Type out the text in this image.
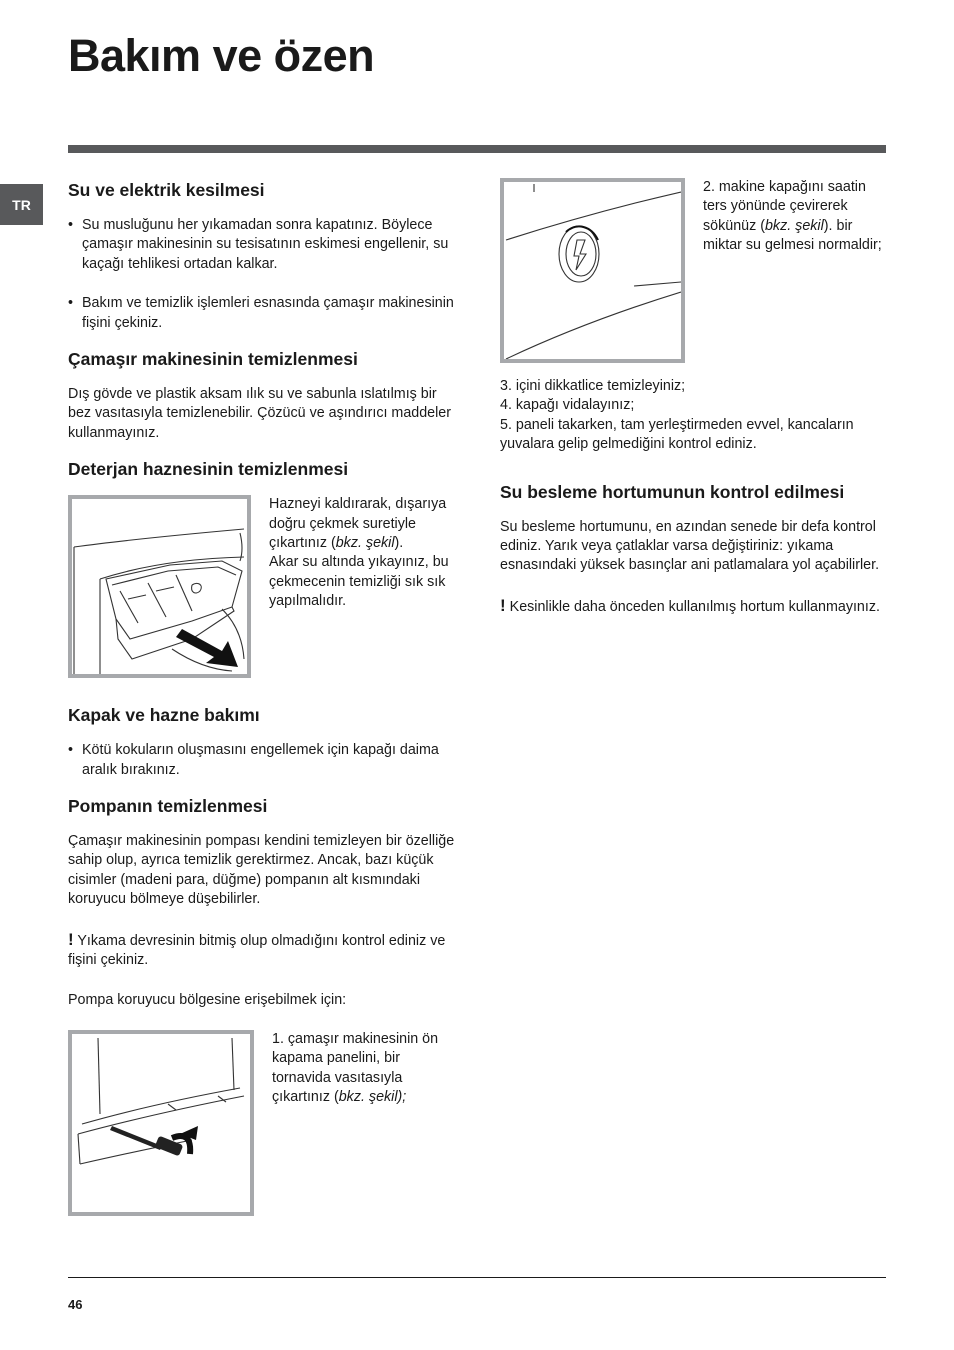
Bakım ve özen
TR
Su ve elektrik kesilmesi
• Su musluğunu her yıkamadan sonra kapatınız. Böylece çamaşır makinesinin su tesisatının eskimesi engellenir, su kaçağı tehlikesi ortadan kalkar.
• Bakım ve temizlik işlemleri esnasında çamaşır makinesinin fişini çekiniz.
Çamaşır makinesinin temizlenmesi

Dış gövde ve plastik aksam ılık su ve sabunla ıslatılmış bir bez vasıtasıyla temizlenebilir. Çözücü ve aşındırıcı maddeler kullanmayınız.

Deterjan haznesinin temizlenmesi
Hazneyi kaldırarak, dışarıya doğru çekmek suretiyle çıkartınız (bkz. şekil).
Akar su altında yıkayınız, bu çekmecenin temizliği sık sık yapılmalıdır.
Kapak ve hazne bakımı
• Kötü kokuların oluşmasını engellemek için kapağı daima aralık bırakınız.
Pompanın temizlenmesi

Çamaşır makinesinin pompası kendini temizleyen bir özelliğe sahip olup, ayrıca temizlik gerektirmez. Ancak, bazı küçük cisimler (madeni para, düğme) pompanın alt kısmındaki koruyucu bölmeye düşebilirler.

! Yıkama devresinin bitmiş olup olmadığını kontrol ediniz ve fişini çekiniz.

Pompa koruyucu bölgesine erişebilmek için:

1. çamaşır makinesinin ön kapama panelini, bir tornavida vasıtasıyla çıkartınız (bkz. şekil);
2. makine kapağını saatin ters yönünde çevirerek sökünüz (bkz. şekil). bir miktar su gelmesi normaldir;

3. içini dikkatlice temizleyiniz;

4. kapağı vidalayınız;

5. paneli takarken, tam yerleştirmeden evvel, kancaların yuvalara gelip gelmediğini kontrol ediniz.

Su besleme hortumunun kontrol edilmesi

Su besleme hortumunu, en azından senede bir defa kontrol ediniz. Yarık veya çatlaklar varsa değiştiriniz: yıkama esnasındaki yüksek basınçlar ani patlamalara yol açabilirler.

! Kesinlikle daha önceden kullanılmış hortum kullanmayınız.

46
